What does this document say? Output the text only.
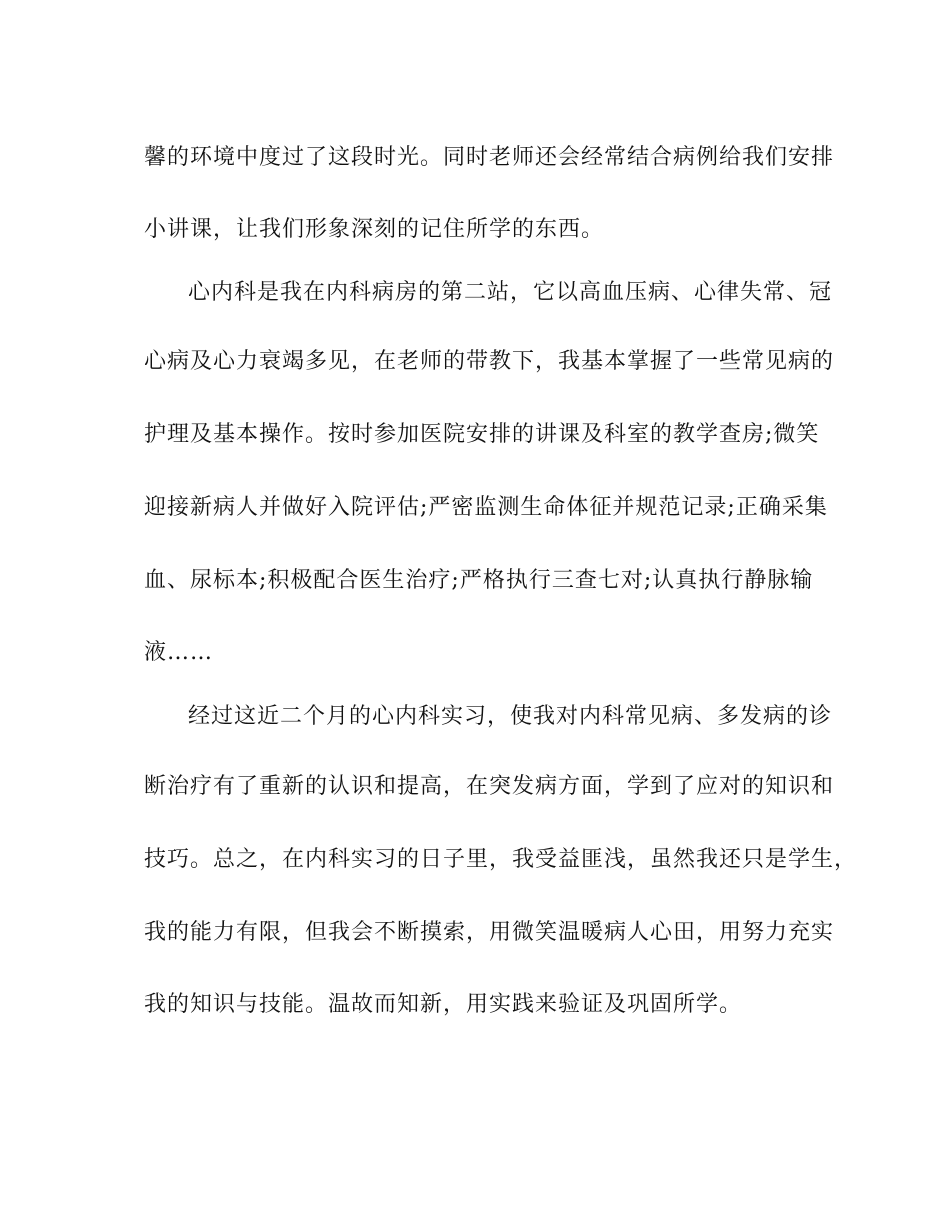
馨的环境中度过了这段时光。同时老师还会经常结合病例给我们安排
小讲课，让我们形象深刻的记住所学的东西。
心内科是我在内科病房的第二站，它以高血压病、心律失常、冠
心病及心力衰竭多见，在老师的带教下，我基本掌握了一些常见病的
护理及基本操作。按时参加医院安排的讲课及科室的教学查房;微笑
迎接新病人并做好入院评估;严密监测生命体征并规范记录;正确采集
血、尿标本;积极配合医生治疗;严格执行三查七对;认真执行静脉输
液……
经过这近二个月的心内科实习，使我对内科常见病、多发病的诊
断治疗有了重新的认识和提高，在突发病方面，学到了应对的知识和
技巧。总之，在内科实习的日子里，我受益匪浅，虽然我还只是学生，
我的能力有限，但我会不断摸索，用微笑温暖病人心田，用努力充实
我的知识与技能。温故而知新，用实践来验证及巩固所学。
